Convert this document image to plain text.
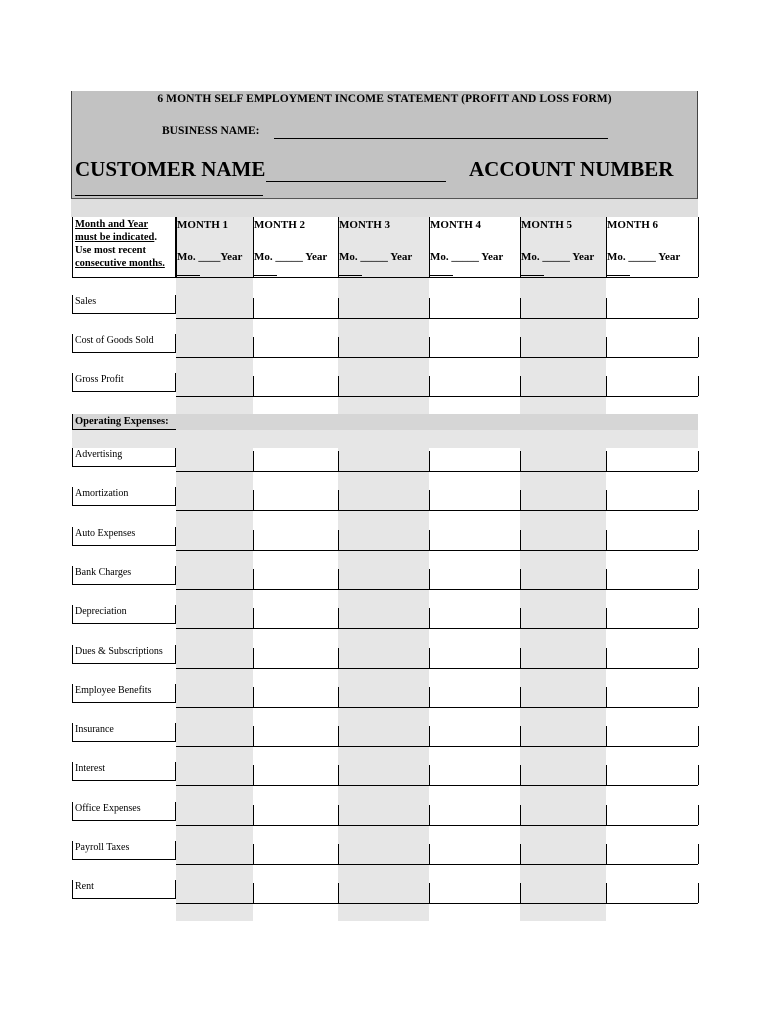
6 MONTH SELF EMPLOYMENT INCOME STATEMENT (PROFIT AND LOSS FORM)
BUSINESS NAME:
CUSTOMER NAME	ACCOUNT NUMBER
MONTH 1
Mo. ____Year
MONTH 2
Mo. _____ Year
MONTH 3
Mo. _____ Year
MONTH 4
Mo. _____ Year
MONTH 5
Mo. _____ Year
MONTH 6
Mo. _____ Year
Sales
Cost of Goods Sold
Gross Profit
Operating Expenses:
Advertising
Amortization
Auto Expenses
Bank Charges
Depreciation
Dues & Subscriptions
Employee Benefits
Insurance
Interest
Office Expenses
Payroll Taxes
Rent
Month and Year
must be indicated.
Use most recent
consecutive months.
